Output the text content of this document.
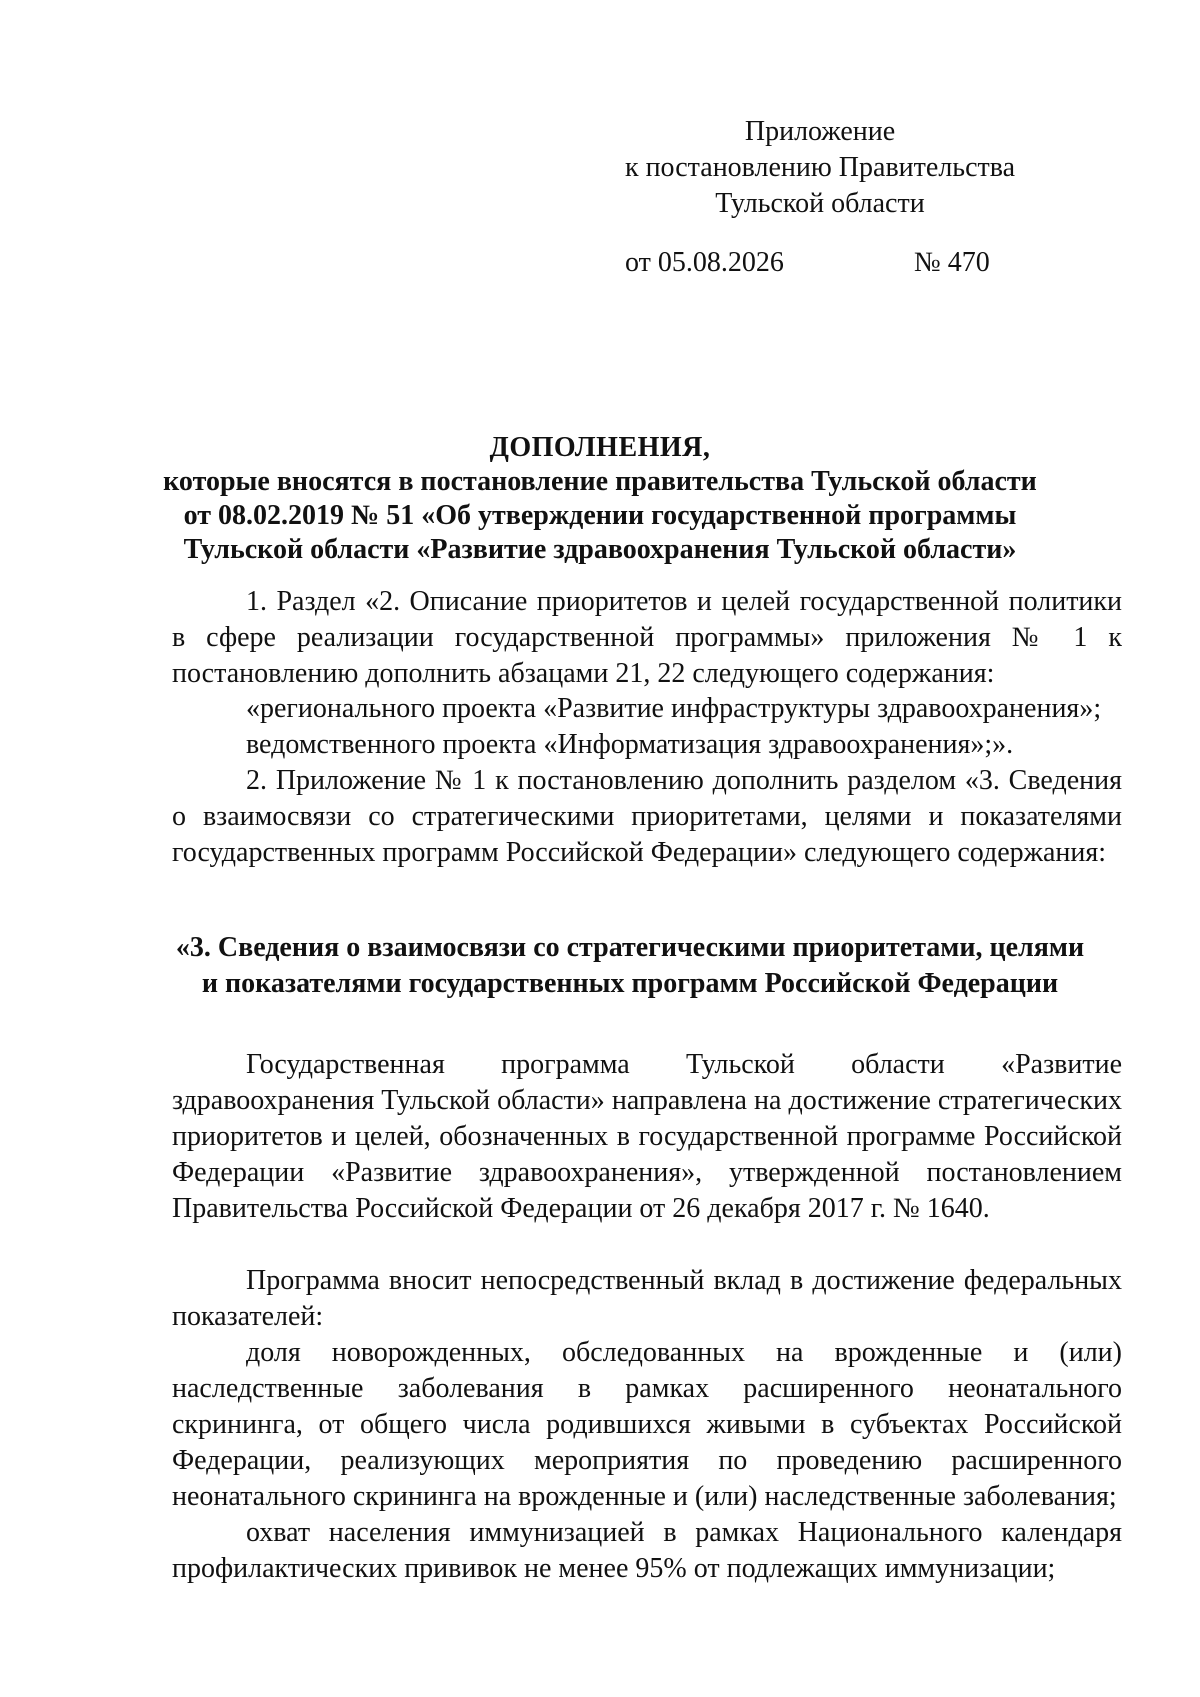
Приложение
к постановлению Правительства
Тульской области
от 05.08.2026	№ 470
ДОПОЛНЕНИЯ,
которые вносятся в постановление правительства Тульской области
от 08.02.2019 № 51 «Об утверждении государственной программы
Тульской области «Развитие здравоохранения Тульской области»
1. Раздел «2. Описание приоритетов и целей государственной политики в сфере реализации государственной программы» приложения № 1 к постановлению дополнить абзацами 21, 22 следующего содержания:
«регионального проекта «Развитие инфраструктуры здравоохранения»;
ведомственного проекта «Информатизация здравоохранения»;».
2. Приложение № 1 к постановлению дополнить разделом «3. Сведения о взаимосвязи со стратегическими приоритетами, целями и показателями государственных программ Российской Федерации» следующего содержания:
«3. Сведения о взаимосвязи со стратегическими приоритетами, целями
и показателями государственных программ Российской Федерации
Государственная программа Тульской области «Развитие здравоохранения Тульской области» направлена на достижение стратегических приоритетов и целей, обозначенных в государственной программе Российской Федерации «Развитие здравоохранения», утвержденной постановлением Правительства Российской Федерации от 26 декабря 2017 г. № 1640.
Программа вносит непосредственный вклад в достижение федеральных показателей:
доля новорожденных, обследованных на врожденные и (или) наследственные заболевания в рамках расширенного неонатального скрининга, от общего числа родившихся живыми в субъектах Российской Федерации, реализующих мероприятия по проведению расширенного неонатального скрининга на врожденные и (или) наследственные заболевания;
охват населения иммунизацией в рамках Национального календаря профилактических прививок не менее 95% от подлежащих иммунизации;
